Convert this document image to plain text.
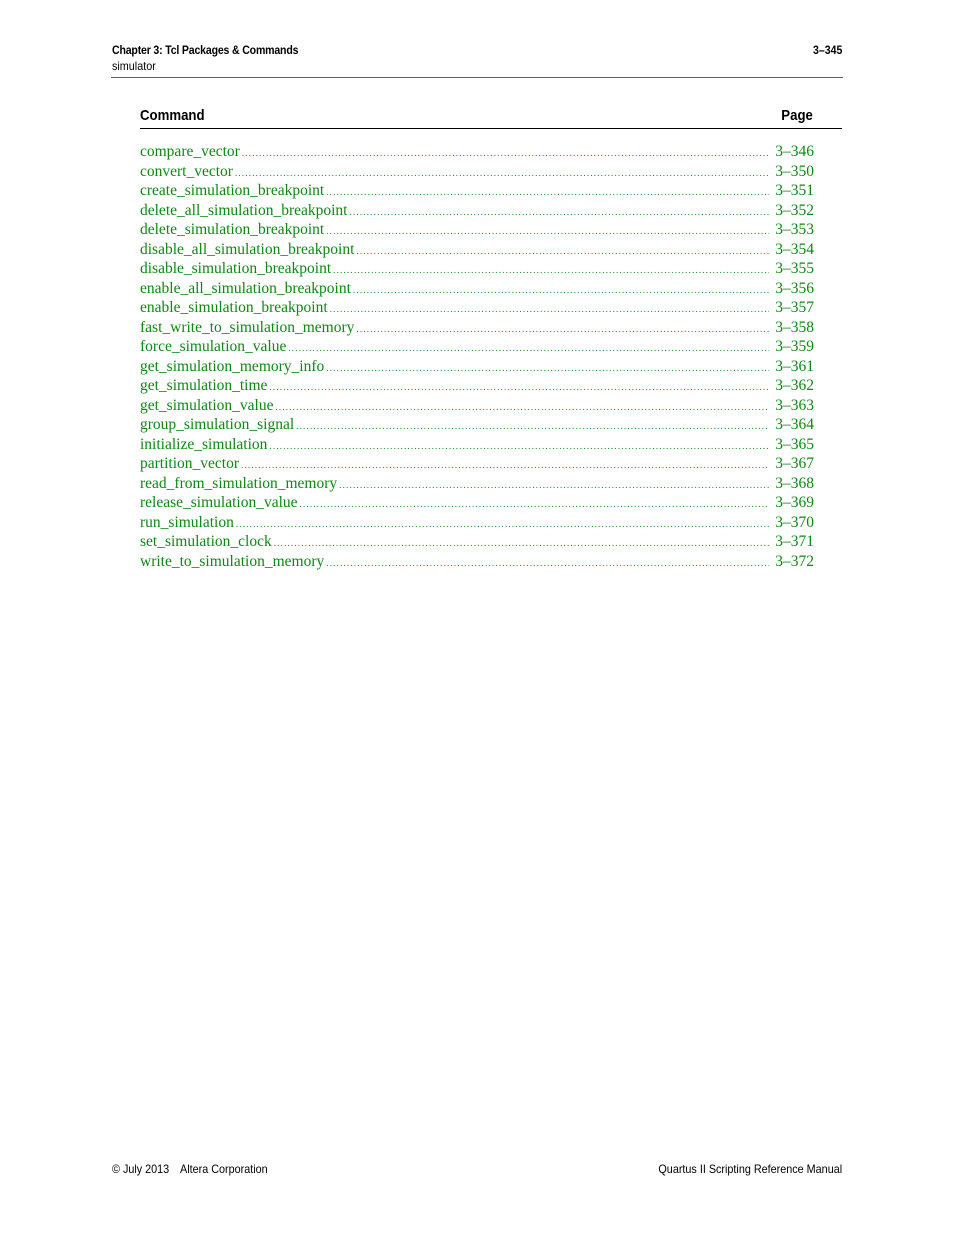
Chapter 3: Tcl Packages & Commands
simulator
3–345
Command	Page
compare_vector .....	3–346
convert_vector .....	3–350
create_simulation_breakpoint .....	3–351
delete_all_simulation_breakpoint .....	3–352
delete_simulation_breakpoint .....	3–353
disable_all_simulation_breakpoint .....	3–354
disable_simulation_breakpoint .....	3–355
enable_all_simulation_breakpoint .....	3–356
enable_simulation_breakpoint .....	3–357
fast_write_to_simulation_memory .....	3–358
force_simulation_value .....	3–359
get_simulation_memory_info .....	3–361
get_simulation_time .....	3–362
get_simulation_value .....	3–363
group_simulation_signal .....	3–364
initialize_simulation .....	3–365
partition_vector .....	3–367
read_from_simulation_memory .....	3–368
release_simulation_value .....	3–369
run_simulation .....	3–370
set_simulation_clock .....	3–371
write_to_simulation_memory .....	3–372
© July 2013 Altera Corporation	Quartus II Scripting Reference Manual
